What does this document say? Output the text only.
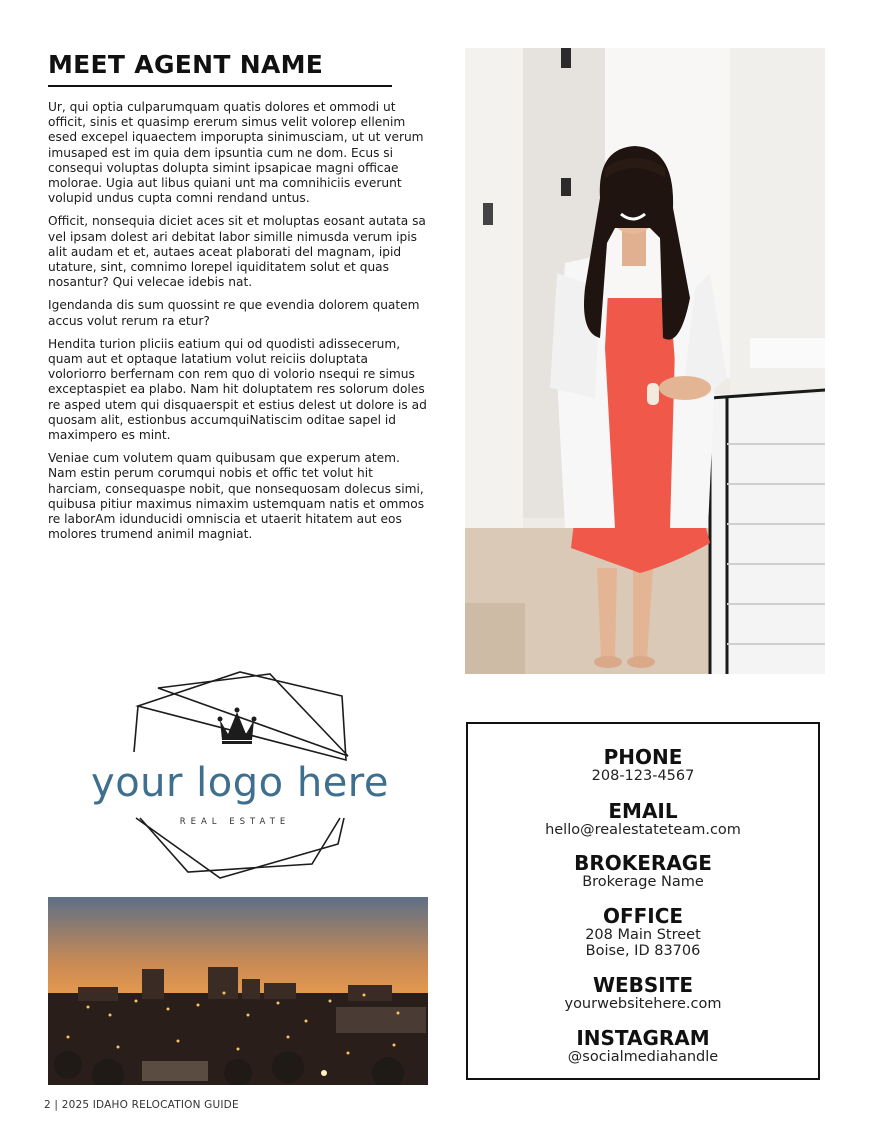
MEET AGENT NAME

Ur, qui optia culparumquam quatis dolores et ommodi ut officit, sinis et quasimp ererum simus velit volorep ellenim esed excepel iquaectem imporupta sinimusciam, ut ut verum imusaped est im quia dem ipsuntia cum ne dom. Ecus si consequi voluptas dolupta simint ipsapicae magni officae molorae. Ugia aut libus quiani unt ma comnihiciis everunt volupid undus cupta comni rendand untus.

Officit, nonsequia diciet aces sit et moluptas eosant autata sa vel ipsam dolest ari debitat labor simille nimusda verum ipis alit audam et et, autaes aceat plaborati del magnam, ipid utature, sint, comnimo lorepel iquiditatem solut et quas nosantur? Qui velecae idebis nat.

Igendanda dis sum quossint re que evendia dolorem quatem accus volut rerum ra etur?

Hendita turion pliciis eatium qui od quodisti adissecerum, quam aut et optaque latatium volut reiciis doluptata voloriorro berfernam con rem quo di volorio nsequi re simus exceptaspiet ea plabo. Nam hit doluptatem res solorum doles re asped utem qui disquaerspit et estius delest ut dolore is ad quosam alit, estionbus accumquiNatiscim oditae sapel id maximpero es mint.

Veniae cum volutem quam quibusam que experum atem. Nam estin perum corumqui nobis et offic tet volut hit harciam, consequaspe nobit, que nonsequosam dolecus simi, quibusa pitiur maximus nimaxim ustemquam natis et ommos re laborAm idunducidi omniscia et utaerit hitatem aut eos molores trumend animil magniat.

your logo here
REAL ESTATE
PHONE
208-123-4567
EMAIL
hello@realestateteam.com
BROKERAGE
Brokerage Name
OFFICE
208 Main Street
Boise, ID 83706
WEBSITE
yourwebsitehere.com
INSTAGRAM
@socialmediahandle
2 | 2025 IDAHO RELOCATION GUIDE
